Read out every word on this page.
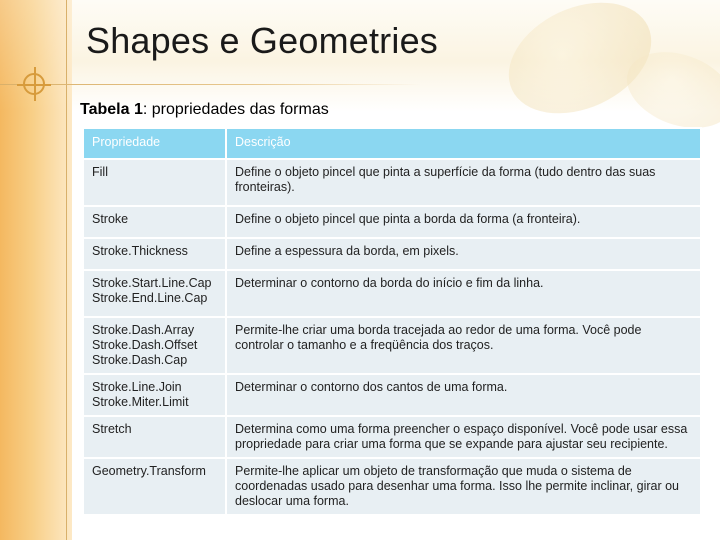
Shapes e Geometries

Tabela 1: propriedades das formas

Propriedade	Descrição
Fill	Define o objeto pincel que pinta a superfície da forma (tudo dentro das suas fronteiras).
Stroke	Define o objeto pincel que pinta a borda da forma (a fronteira).
Stroke.Thickness	Define a espessura da borda, em pixels.
Stroke.Start.Line.Cap
Stroke.End.Line.Cap	Determinar o contorno da borda do início e fim da linha.
Stroke.Dash.Array
Stroke.Dash.Offset
Stroke.Dash.Cap	Permite-lhe criar uma borda tracejada ao redor de uma forma. Você pode controlar o tamanho e a freqüência dos traços.
Stroke.Line.Join
Stroke.Miter.Limit	Determinar o contorno dos cantos de uma forma.
Stretch	Determina como uma forma preencher o espaço disponível. Você pode usar essa propriedade para criar uma forma que se expande para ajustar seu recipiente.
Geometry.Transform	Permite-lhe aplicar um objeto de transformação que muda o sistema de coordenadas usado para desenhar uma forma. Isso lhe permite inclinar, girar ou deslocar uma forma.
